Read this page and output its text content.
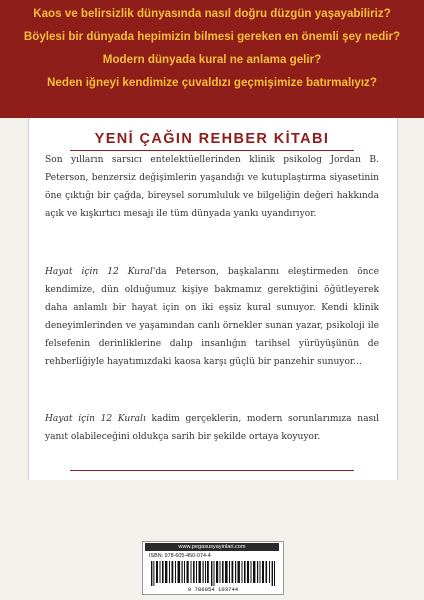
Kaos ve belirsizlik dünyasında nasıl doğru düzgün yaşayabiliriz?
Böylesi bir dünyada hepimizin bilmesi gereken en önemli şey nedir?
Modern dünyada kural ne anlama gelir?
Neden iğneyi kendimize çuvaldızı geçmişimize batırmalıyız?
YENİ ÇAĞIN REHBER KİTABI

Son yılların sarsıcı entelektüellerinden klinik psikolog Jordan B. Peterson, benzersiz değişimlerin yaşandığı ve kutuplaştırma siyasetinin öne çıktığı bir çağda, bireysel sorumluluk ve bilgeliğin değeri hakkında açık ve kışkırtıcı mesajı ile tüm dünyada yankı uyandırıyor.

Hayat için 12 Kural'da Peterson, başkalarını eleştirmeden önce kendimize, dün olduğumuz kişiye bakmamız gerektiğini öğütleyerek daha anlamlı bir hayat için on iki eşsiz kural sunuyor. Kendi klinik deneyimlerinden ve yaşamından canlı örnekler sunan yazar, psikoloji ile felsefenin derinliklerine dalıp insanlığın tarihsel yürüyüşünün de rehberliğiyle hayatımızdaki kaosa karşı güçlü bir panzehir sunuyor...

Hayat için 12 Kuralı kadim gerçeklerin, modern sorunlarımıza nasıl yanıt olabileceğini oldukça sarih bir şekilde ortaya koyuyor.

www.pegasusyayinlari.com
ISBN: 978-605-450-074-4
9 786054 103744
